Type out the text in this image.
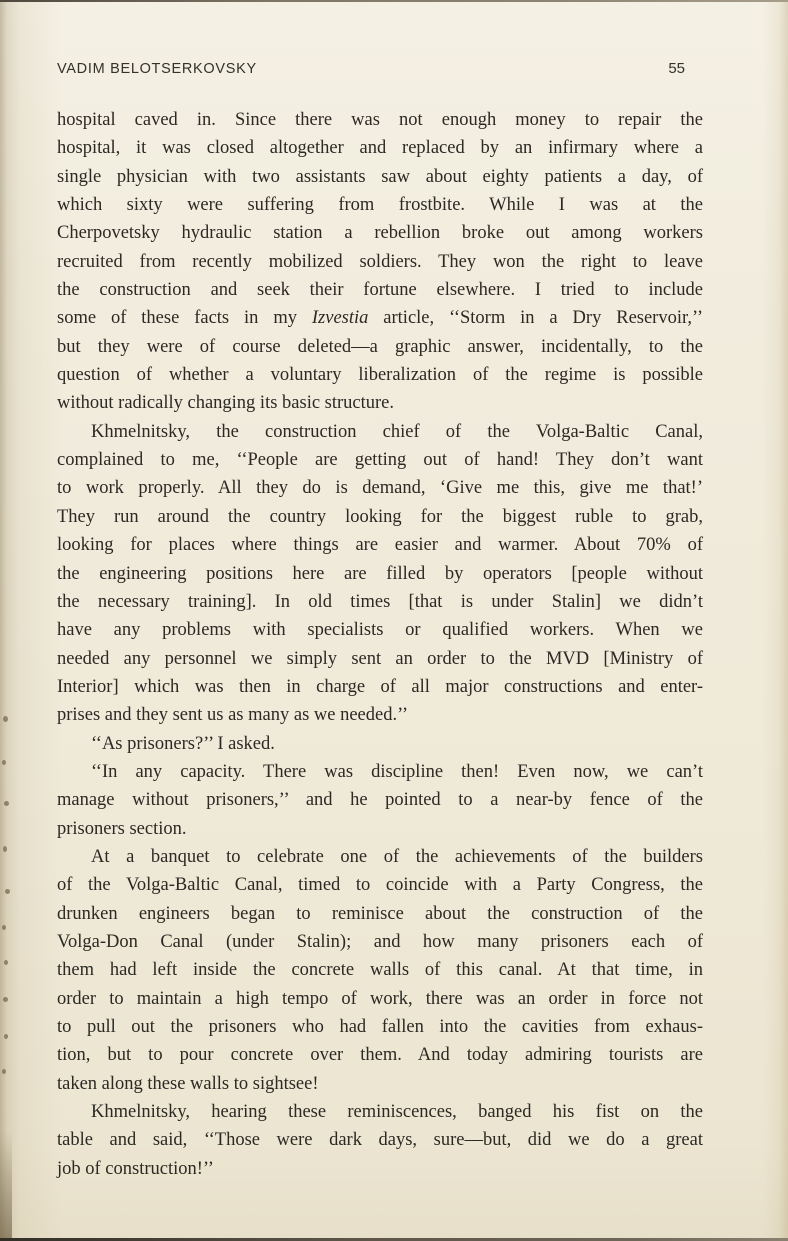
VADIM BELOTSERKOVSKY	55

hospital caved in. Since there was not enough money to repair the
hospital, it was closed altogether and replaced by an infirmary where a
single physician with two assistants saw about eighty patients a day, of
which sixty were suffering from frostbite. While I was at the
Cherpovetsky hydraulic station a rebellion broke out among workers
recruited from recently mobilized soldiers. They won the right to leave
the construction and seek their fortune elsewhere. I tried to include
some of these facts in my Izvestia article, ‘‘Storm in a Dry Reservoir,’’
but they were of course deleted—a graphic answer, incidentally, to the
question of whether a voluntary liberalization of the regime is possible
without radically changing its basic structure.

Khmelnitsky, the construction chief of the Volga-Baltic Canal,
complained to me, ‘‘People are getting out of hand! They don’t want
to work properly. All they do is demand, ‘Give me this, give me that!’
They run around the country looking for the biggest ruble to grab,
looking for places where things are easier and warmer. About 70% of
the engineering positions here are filled by operators [people without
the necessary training]. In old times [that is under Stalin] we didn’t
have any problems with specialists or qualified workers. When we
needed any personnel we simply sent an order to the MVD [Ministry of
Interior] which was then in charge of all major constructions and enter-
prises and they sent us as many as we needed.’’

‘‘As prisoners?’’ I asked.

‘‘In any capacity. There was discipline then! Even now, we can’t
manage without prisoners,’’ and he pointed to a near-by fence of the
prisoners section.

At a banquet to celebrate one of the achievements of the builders
of the Volga-Baltic Canal, timed to coincide with a Party Congress, the
drunken engineers began to reminisce about the construction of the
Volga-Don Canal (under Stalin); and how many prisoners each of
them had left inside the concrete walls of this canal. At that time, in
order to maintain a high tempo of work, there was an order in force not
to pull out the prisoners who had fallen into the cavities from exhaus-
tion, but to pour concrete over them. And today admiring tourists are
taken along these walls to sightsee!

Khmelnitsky, hearing these reminiscences, banged his fist on the
table and said, ‘‘Those were dark days, sure—but, did we do a great
job of construction!’’
